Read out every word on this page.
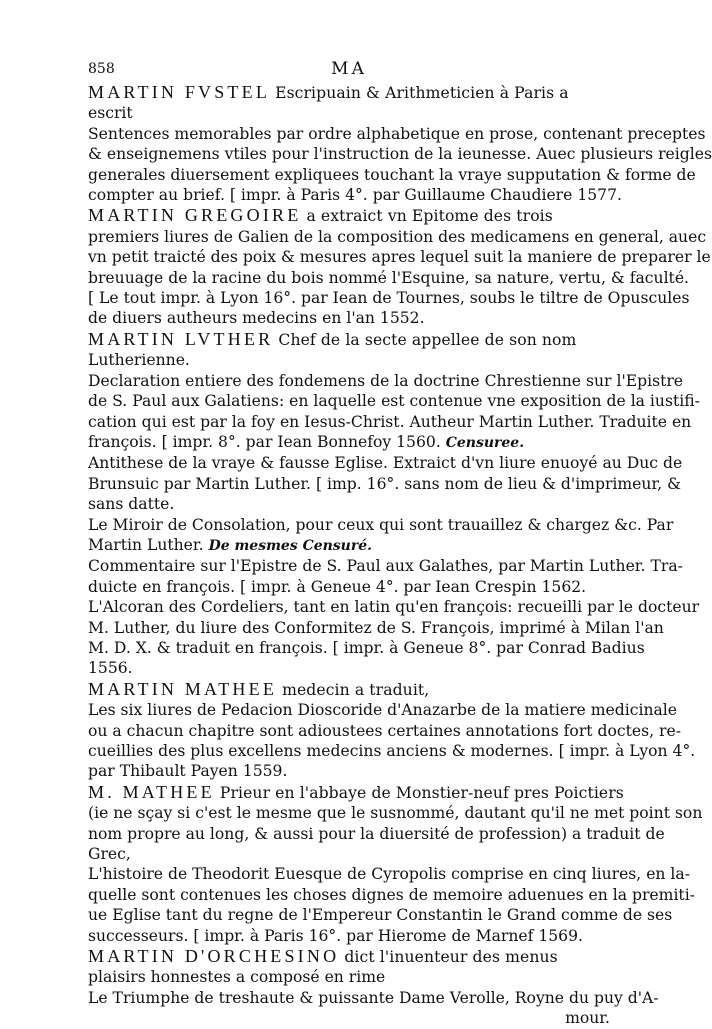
858	MA
MARTIN FVSTEL Escripuain & Arithmeticien à Paris a
escrit
Sentences memorables par ordre alphabetique en prose, contenant preceptes
& enseignemens vtiles pour l'instruction de la ieunesse. Auec plusieurs reigles
generales diuersement expliquees touchant la vraye supputation & forme de
compter au brief. [ impr. à Paris 4°. par Guillaume Chaudiere 1577.
MARTIN GREGOIRE a extraict vn Epitome des trois
premiers liures de Galien de la composition des medicamens en general, auec
vn petit traicté des poix & mesures apres lequel suit la maniere de preparer le
breuuage de la racine du bois nommé l'Esquine, sa nature, vertu, & faculté.
[ Le tout impr. à Lyon 16°. par Iean de Tournes, soubs le tiltre de Opuscules
de diuers autheurs medecins en l'an 1552.
MARTIN LVTHER Chef de la secte appellee de son nom
Lutherienne.
Declaration entiere des fondemens de la doctrine Chrestienne sur l'Epistre
de S. Paul aux Galatiens: en laquelle est contenue vne exposition de la iustifi-
cation qui est par la foy en Iesus-Christ. Autheur Martin Luther. Traduite en
françois. [ impr. 8°. par Iean Bonnefoy 1560. Censuree.
Antithese de la vraye & fausse Eglise. Extraict d'vn liure enuoyé au Duc de
Brunsuic par Martin Luther. [ imp. 16°. sans nom de lieu & d'imprimeur, &
sans datte.
Le Miroir de Consolation, pour ceux qui sont trauaillez & chargez &c. Par
Martin Luther. De mesmes Censuré.
Commentaire sur l'Epistre de S. Paul aux Galathes, par Martin Luther. Tra-
duicte en françois. [ impr. à Geneue 4°. par Iean Crespin 1562.
L'Alcoran des Cordeliers, tant en latin qu'en françois: recueilli par le docteur
M. Luther, du liure des Conformitez de S. François, imprimé à Milan l'an
M. D. X. & traduit en françois. [ impr. à Geneue 8°. par Conrad Badius
1556.
MARTIN MATHEE medecin a traduit,
Les six liures de Pedacion Dioscoride d'Anazarbe de la matiere medicinale
ou a chacun chapitre sont adioustees certaines annotations fort doctes, re-
cueillies des plus excellens medecins anciens & modernes. [ impr. à Lyon 4°.
par Thibault Payen 1559.
M. MATHEE Prieur en l'abbaye de Monstier-neuf pres Poictiers
(ie ne sçay si c'est le mesme que le susnommé, dautant qu'il ne met point son
nom propre au long, & aussi pour la diuersité de profession) a traduit de
Grec,
L'histoire de Theodorit Euesque de Cyropolis comprise en cinq liures, en la-
quelle sont contenues les choses dignes de memoire aduenues en la premiti-
ue Eglise tant du regne de l'Empereur Constantin le Grand comme de ses
successeurs. [ impr. à Paris 16°. par Hierome de Marnef 1569.
MARTIN D'ORCHESINO dict l'inuenteur des menus
plaisirs honnestes a composé en rime
Le Triumphe de treshaute & puissante Dame Verolle, Royne du puy d'A-
mour.
